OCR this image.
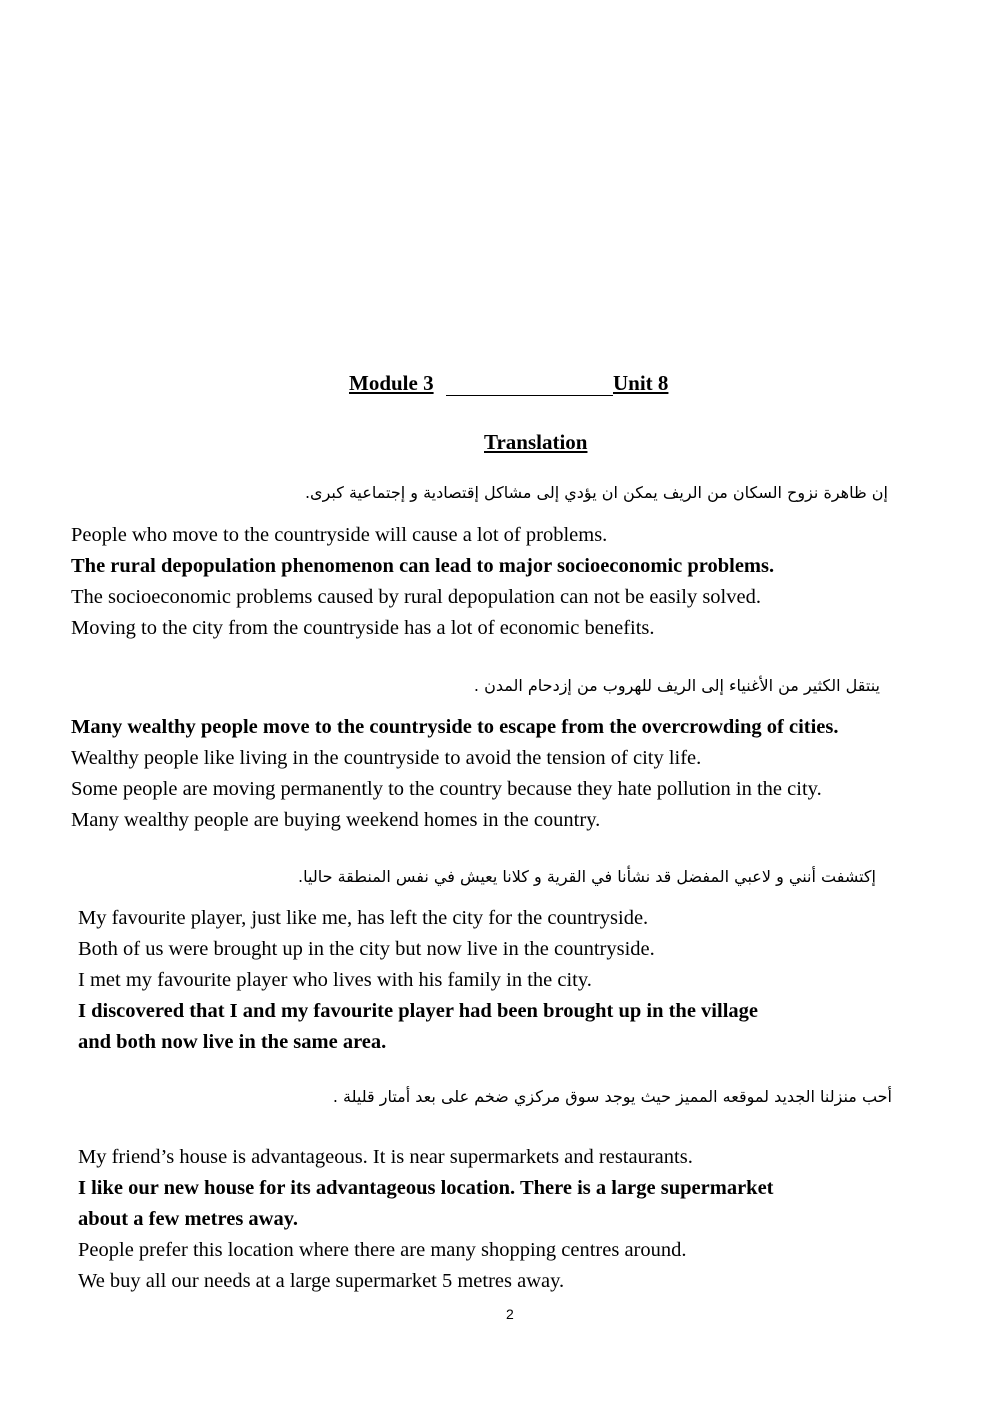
Module 3	Unit 8
Translation
إن ظاهرة نزوح السكان من الريف يمكن ان يؤدي إلى مشاكل إقتصادية و إجتماعية كبرى.

People who move to the countryside will cause a lot of problems.

The rural depopulation phenomenon can lead to major socioeconomic problems.

The socioeconomic problems caused by rural depopulation can not be easily solved.

Moving to the city from the countryside has a lot of economic benefits.

ينتقل الكثير من الأغنياء إلى الريف للهروب من إزدحام المدن .

Many wealthy people move to the countryside to escape from the overcrowding of cities.

Wealthy people like living in the countryside to avoid the tension of city life.

Some people are moving permanently to the country because they hate pollution in the city.

Many wealthy people are buying weekend homes in the country.

إكتشفت أنني و لاعبي المفضل قد نشأنا في القرية و كلانا يعيش في نفس المنطقة حاليا.

My favourite player, just like me, has left the city for the countryside.

Both of us were brought up in the city but now live in the countryside.

I met my favourite player who lives with his family in the city.

I discovered that I and my favourite player had been brought up in the village

and both now live in the same area.

أحب منزلنا الجديد لموقعه المميز حيث يوجد سوق مركزي ضخم على بعد أمتار قليلة .

My friend’s house is advantageous. It is near supermarkets and restaurants.

I like our new house for its advantageous location. There is a large supermarket

about a few metres away.

People prefer this location where there are many shopping centres around.

We buy all our needs at a large supermarket 5 metres away.

2
